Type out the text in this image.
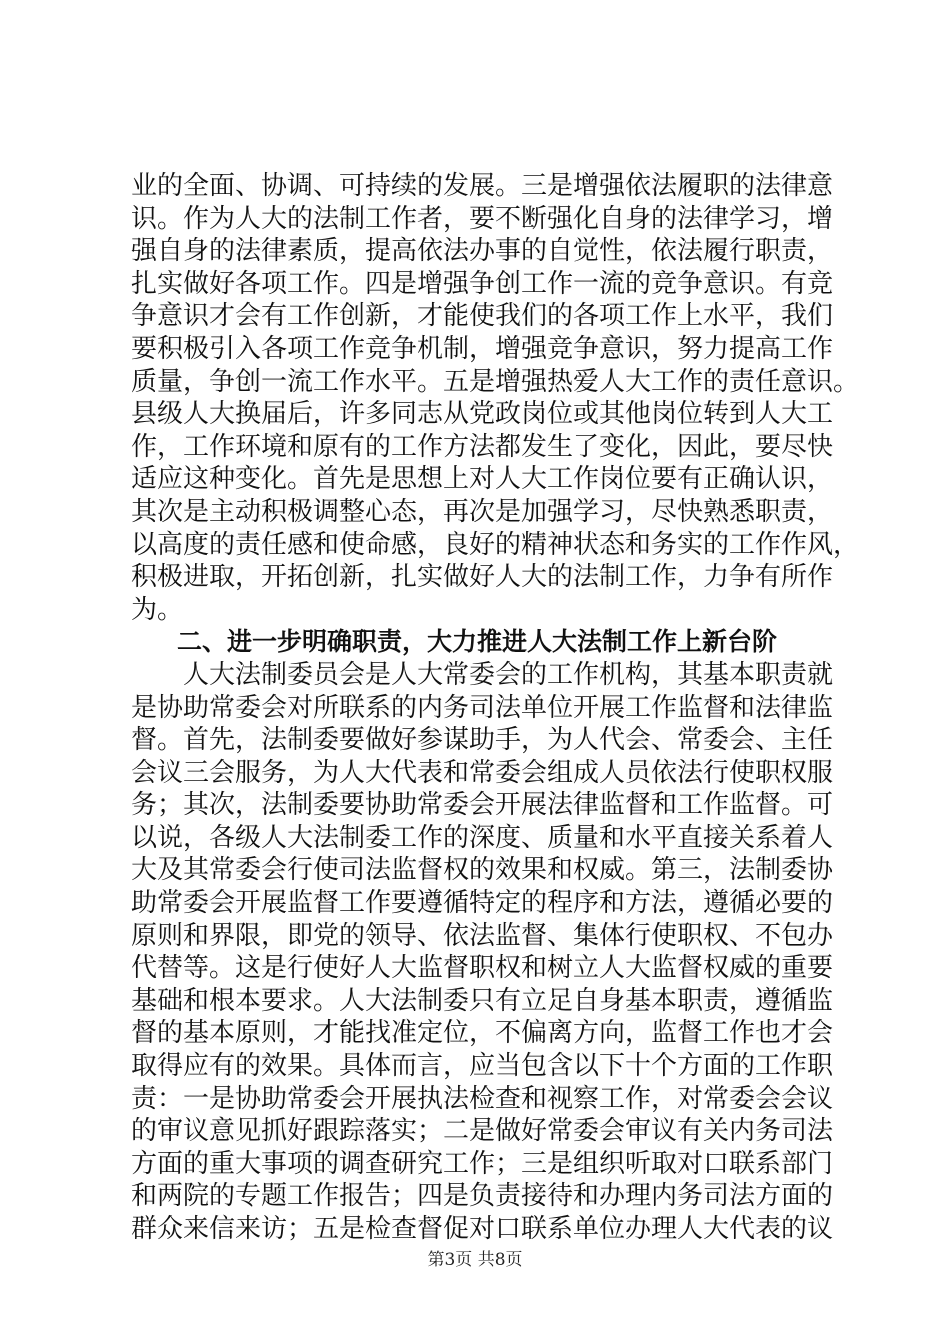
业的全面、协调、可持续的发展。三是增强依法履职的法律意
识。作为人大的法制工作者，要不断强化自身的法律学习，增
强自身的法律素质，提高依法办事的自觉性，依法履行职责，
扎实做好各项工作。四是增强争创工作一流的竞争意识。有竞
争意识才会有工作创新，才能使我们的各项工作上水平，我们
要积极引入各项工作竞争机制，增强竞争意识，努力提高工作
质量，争创一流工作水平。五是增强热爱人大工作的责任意识。
县级人大换届后，许多同志从党政岗位或其他岗位转到人大工
作，工作环境和原有的工作方法都发生了变化，因此，要尽快
适应这种变化。首先是思想上对人大工作岗位要有正确认识，
其次是主动积极调整心态，再次是加强学习，尽快熟悉职责，
以高度的责任感和使命感，良好的精神状态和务实的工作作风，
积极进取，开拓创新，扎实做好人大的法制工作，力争有所作
为。
二、进一步明确职责，大力推进人大法制工作上新台阶
人大法制委员会是人大常委会的工作机构，其基本职责就
是协助常委会对所联系的内务司法单位开展工作监督和法律监
督。首先，法制委要做好参谋助手，为人代会、常委会、主任
会议三会服务，为人大代表和常委会组成人员依法行使职权服
务；其次，法制委要协助常委会开展法律监督和工作监督。可
以说，各级人大法制委工作的深度、质量和水平直接关系着人
大及其常委会行使司法监督权的效果和权威。第三，法制委协
助常委会开展监督工作要遵循特定的程序和方法，遵循必要的
原则和界限，即党的领导、依法监督、集体行使职权、不包办
代替等。这是行使好人大监督职权和树立人大监督权威的重要
基础和根本要求。人大法制委只有立足自身基本职责，遵循监
督的基本原则，才能找准定位，不偏离方向，监督工作也才会
取得应有的效果。具体而言，应当包含以下十个方面的工作职
责：一是协助常委会开展执法检查和视察工作，对常委会会议
的审议意见抓好跟踪落实；二是做好常委会审议有关内务司法
方面的重大事项的调查研究工作；三是组织听取对口联系部门
和两院的专题工作报告；四是负责接待和办理内务司法方面的
群众来信来访；五是检查督促对口联系单位办理人大代表的议
第3页 共8页
